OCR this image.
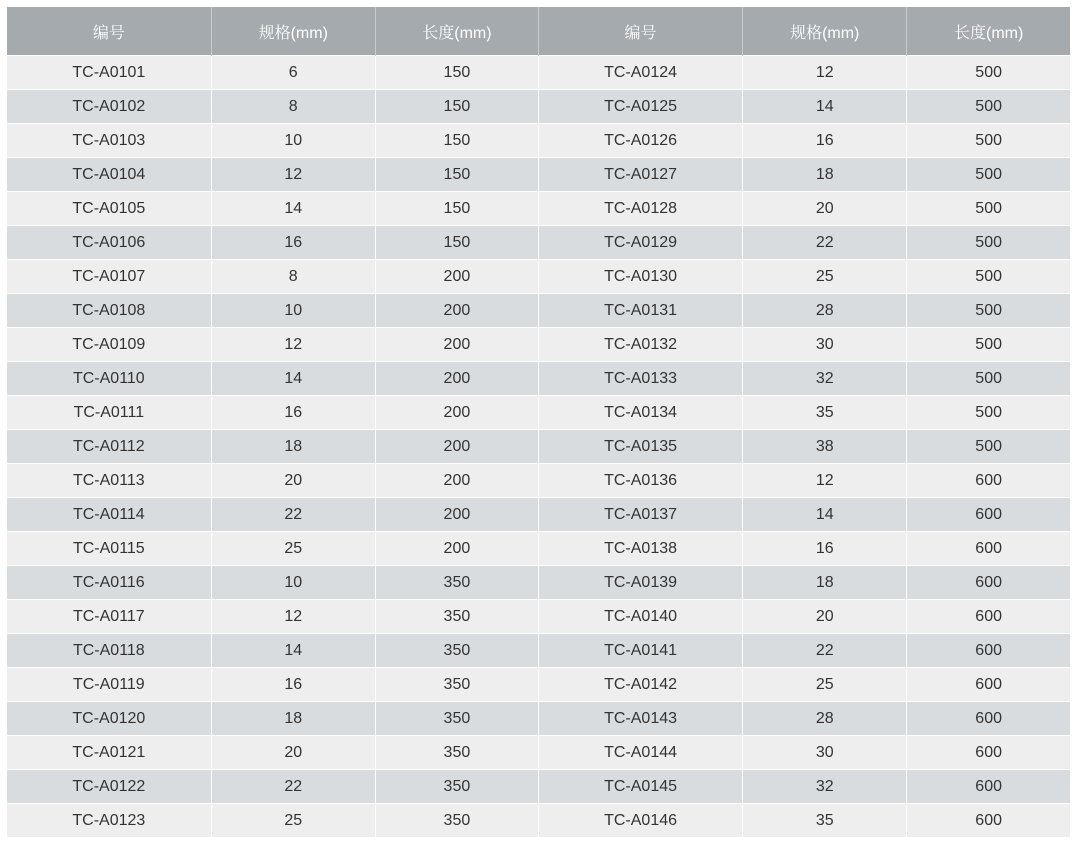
编号	规格(mm)	长度(mm)	编号	规格(mm)	长度(mm)
TC-A0101	6	150	TC-A0124	12	500
TC-A0102	8	150	TC-A0125	14	500
TC-A0103	10	150	TC-A0126	16	500
TC-A0104	12	150	TC-A0127	18	500
TC-A0105	14	150	TC-A0128	20	500
TC-A0106	16	150	TC-A0129	22	500
TC-A0107	8	200	TC-A0130	25	500
TC-A0108	10	200	TC-A0131	28	500
TC-A0109	12	200	TC-A0132	30	500
TC-A0110	14	200	TC-A0133	32	500
TC-A0111	16	200	TC-A0134	35	500
TC-A0112	18	200	TC-A0135	38	500
TC-A0113	20	200	TC-A0136	12	600
TC-A0114	22	200	TC-A0137	14	600
TC-A0115	25	200	TC-A0138	16	600
TC-A0116	10	350	TC-A0139	18	600
TC-A0117	12	350	TC-A0140	20	600
TC-A0118	14	350	TC-A0141	22	600
TC-A0119	16	350	TC-A0142	25	600
TC-A0120	18	350	TC-A0143	28	600
TC-A0121	20	350	TC-A0144	30	600
TC-A0122	22	350	TC-A0145	32	600
TC-A0123	25	350	TC-A0146	35	600
